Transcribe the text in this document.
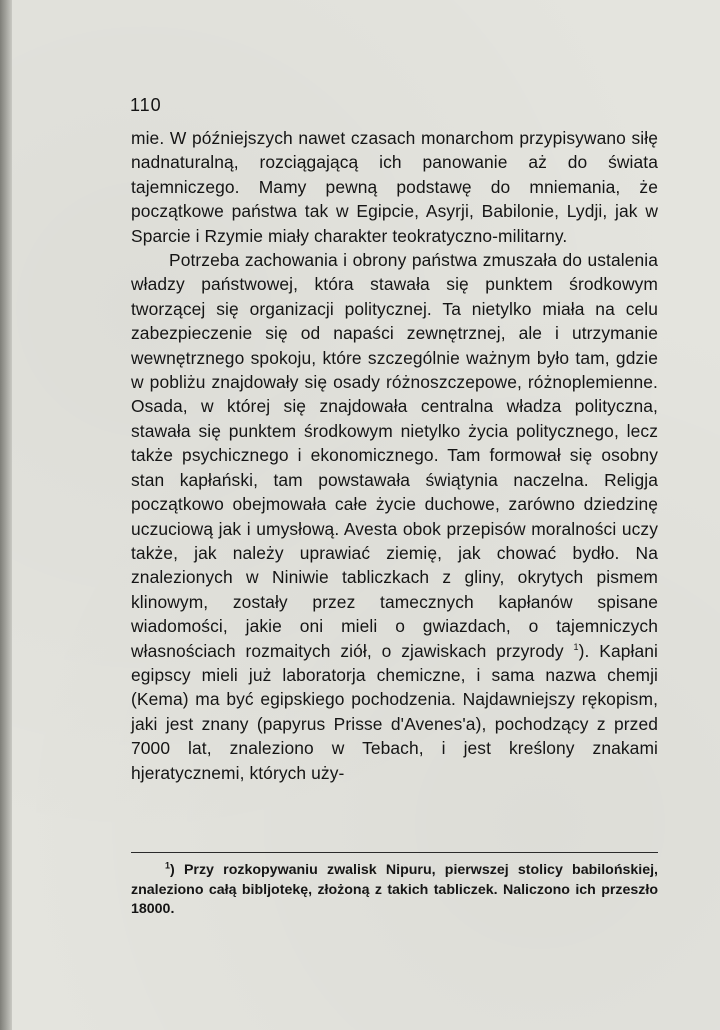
110

mie. W późniejszych nawet czasach monarchom przypisywano siłę nadnaturalną, rozciągającą ich panowanie aż do świata tajemniczego. Mamy pewną podstawę do mniemania, że początkowe państwa tak w Egipcie, Asyrji, Babilonie, Lydji, jak w Sparcie i Rzymie miały charakter teokratyczno-militarny.

Potrzeba zachowania i obrony państwa zmuszała do ustalenia władzy państwowej, która stawała się punktem środkowym tworzącej się organizacji politycznej. Ta nietylko miała na celu zabezpieczenie się od napaści zewnętrznej, ale i utrzymanie wewnętrznego spokoju, które szczególnie ważnym było tam, gdzie w pobliżu znajdowały się osady różnoszczepowe, różnoplemienne. Osada, w której się znajdowała centralna władza polityczna, stawała się punktem środkowym nietylko życia politycznego, lecz także psychicznego i ekonomicznego. Tam formował się osobny stan kapłański, tam powstawała świątynia naczelna. Religja początkowo obejmowała całe życie duchowe, zarówno dziedzinę uczuciową jak i umysłową. Avesta obok przepisów moralności uczy także, jak należy uprawiać ziemię, jak chować bydło. Na znalezionych w Niniwie tabliczkach z gliny, okrytych pismem klinowym, zostały przez tamecznych kapłanów spisane wiadomości, jakie oni mieli o gwiazdach, o tajemniczych własnościach rozmaitych ziół, o zjawiskach przyrody $^1$). Kapłani egipscy mieli już laboratorja chemiczne, i sama nazwa chemji (Kema) ma być egipskiego pochodzenia. Najdawniejszy rękopism, jaki jest znany (papyrus Prisse d'Avenes'a), pochodzący z przed 7000 lat, znaleziono w Tebach, i jest kreślony znakami hjeratycznemi, których uży-

$^1$) Przy rozkopywaniu zwalisk Nipuru, pierwszej stolicy babilońskiej, znaleziono całą bibljotekę, złożoną z takich tabliczek. Naliczono ich przeszło 18000.
